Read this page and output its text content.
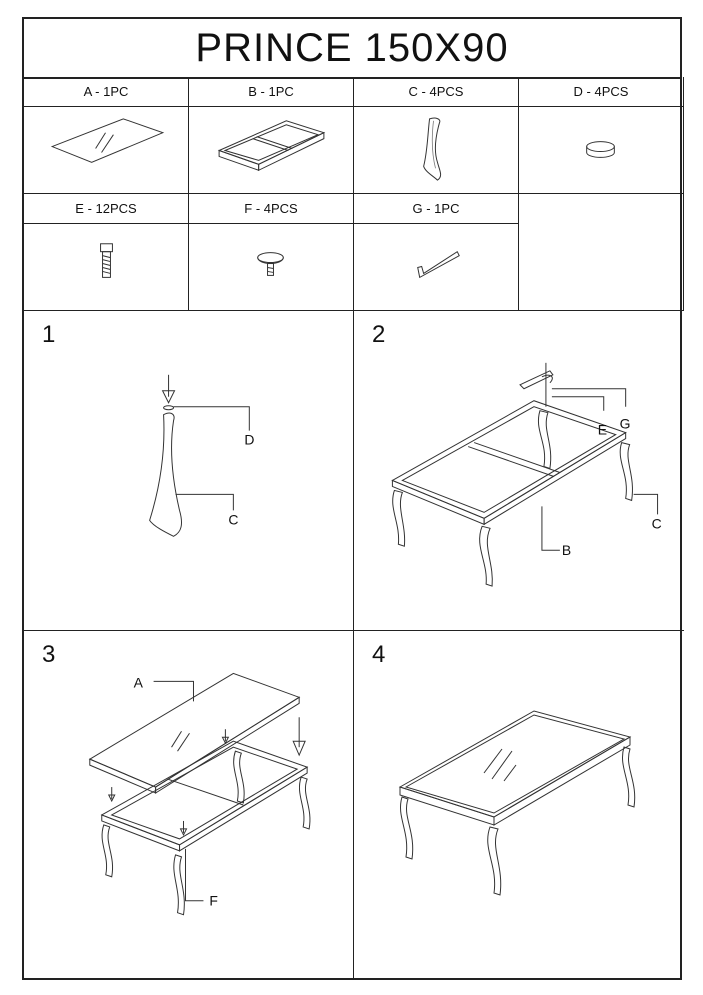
PRINCE 150X90
A - 1PC	B - 1PC	C - 4PCS	D - 4PCS
E - 12PCS	F - 4PCS	G - 1PC
1
D
C
2
G
E
C
B
3
A
F
4
